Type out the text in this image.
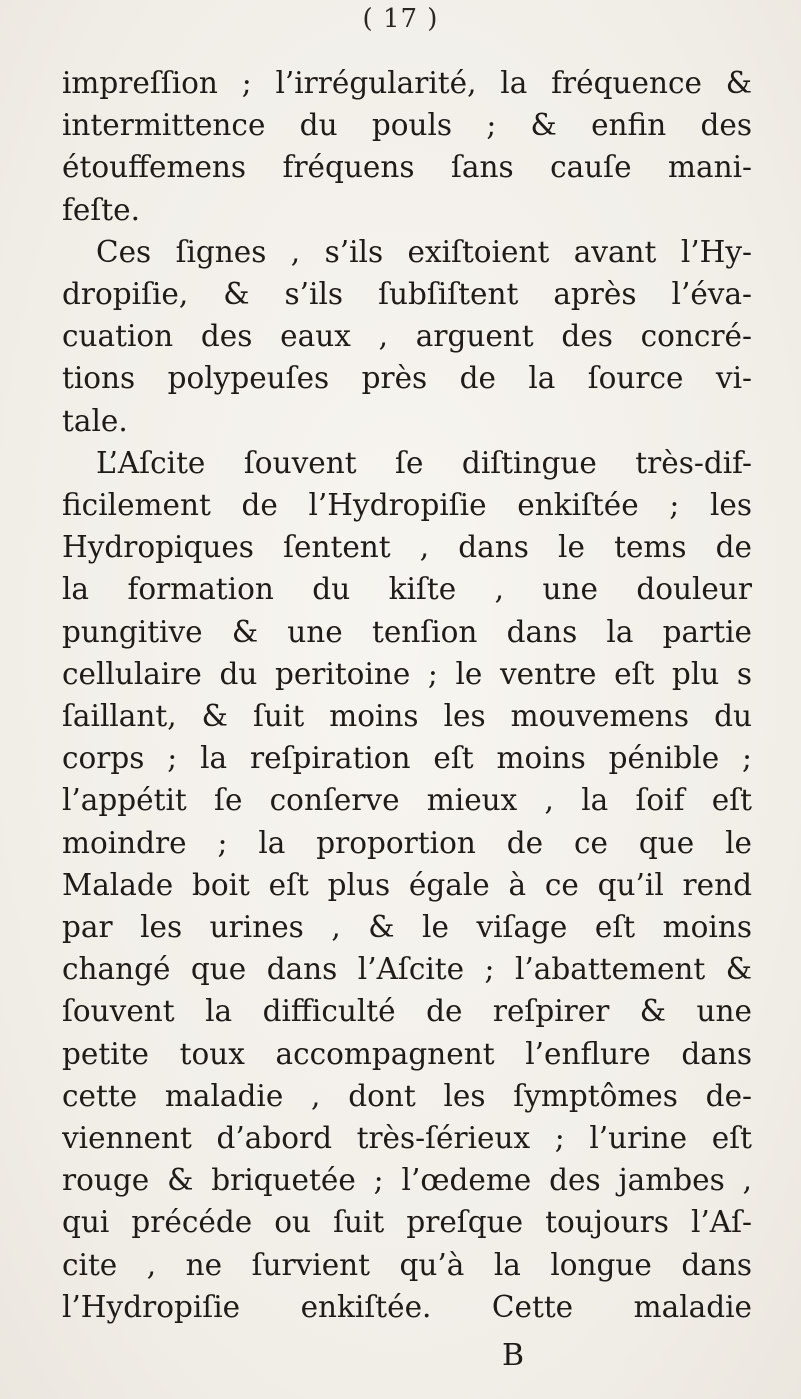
( 17 )
impreſſion ; l’irrégularité, la fréquence &
intermittence du pouls ; & enfin des
étouffemens fréquens ſans cauſe mani-
feſte.
Ces ſignes , s’ils exiſtoient avant l’Hy-
dropiſie, & s’ils ſubſiſtent après l’éva-
cuation des eaux , arguent des concré-
tions polypeuſes près de la ſource vi-
tale.
L’Aſcite ſouvent ſe diſtingue très-dif-
ficilement de l’Hydropiſie enkiſtée ; les
Hydropiques ſentent , dans le tems de
la formation du kiſte , une douleur
pungitive & une tenſion dans la partie
cellulaire du peritoine ; le ventre eſt plu s
ſaillant, & ſuit moins les mouvemens du
corps ; la reſpiration eſt moins pénible ;
l’appétit ſe conſerve mieux , la ſoif eſt
moindre ; la proportion de ce que le
Malade boit eſt plus égale à ce qu’il rend
par les urines , & le viſage eſt moins
changé que dans l’Aſcite ; l’abattement &
ſouvent la difficulté de reſpirer & une
petite toux accompagnent l’enflure dans
cette maladie , dont les ſymptômes de-
viennent d’abord très-ſérieux ; l’urine eſt
rouge & briquetée ; l’œdeme des jambes ,
qui précéde ou ſuit preſque toujours l’Aſ-
cite , ne ſurvient qu’à la longue dans
l’Hydropiſie enkiſtée. Cette maladie
B
